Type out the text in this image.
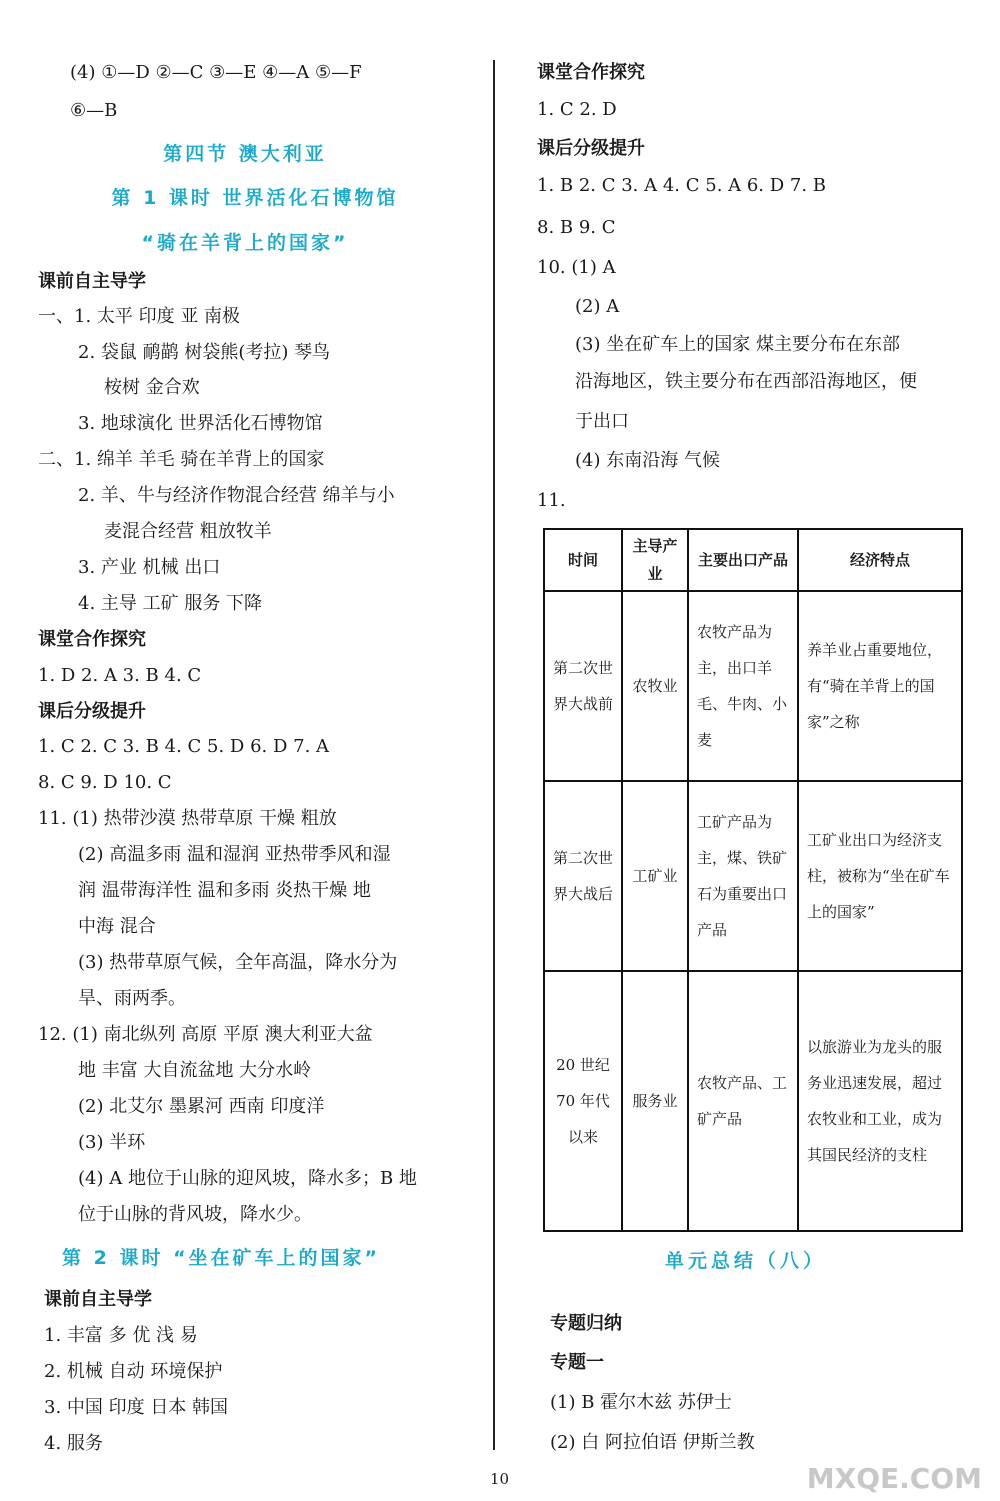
(4) ①—D ②—C ③—E ④—A ⑤—F
⑥—B
第四节 澳大利亚
第 1 课时 世界活化石博物馆
“骑在羊背上的国家”
课前自主导学
一、1. 太平 印度 亚 南极
2. 袋鼠 鸸鹋 树袋熊(考拉) 琴鸟
桉树 金合欢
3. 地球演化 世界活化石博物馆
二、1. 绵羊 羊毛 骑在羊背上的国家
2. 羊、牛与经济作物混合经营 绵羊与小
麦混合经营 粗放牧羊
3. 产业 机械 出口
4. 主导 工矿 服务 下降
课堂合作探究
1. D 2. A 3. B 4. C
课后分级提升
1. C 2. C 3. B 4. C 5. D 6. D 7. A
8. C 9. D 10. C
11. (1) 热带沙漠 热带草原 干燥 粗放
(2) 高温多雨 温和湿润 亚热带季风和湿
润 温带海洋性 温和多雨 炎热干燥 地
中海 混合
(3) 热带草原气候，全年高温，降水分为
旱、雨两季。
12. (1) 南北纵列 高原 平原 澳大利亚大盆
地 丰富 大自流盆地 大分水岭
(2) 北艾尔 墨累河 西南 印度洋
(3) 半环
(4) A 地位于山脉的迎风坡，降水多；B 地
位于山脉的背风坡，降水少。
第 2 课时 “坐在矿车上的国家”
课前自主导学
1. 丰富 多 优 浅 易
2. 机械 自动 环境保护
3. 中国 印度 日本 韩国
4. 服务
课堂合作探究
1. C 2. D
课后分级提升
1. B 2. C 3. A 4. C 5. A 6. D 7. B
8. B 9. C
10. (1) A
(2) A
(3) 坐在矿车上的国家 煤主要分布在东部
沿海地区，铁主要分布在西部沿海地区，便
于出口
(4) 东南沿海 气候
11.
单元总结（八）
专题归纳
专题一
(1) B 霍尔木兹 苏伊士
(2) 白 阿拉伯语 伊斯兰教
时间	主导产业	主要出口产品	经济特点
第二次世界大战前	农牧业	农牧产品为主，出口羊毛、牛肉、小麦	养羊业占重要地位，有“骑在羊背上的国家”之称
第二次世界大战后	工矿业	工矿产品为主，煤、铁矿石为重要出口产品	工矿业出口为经济支柱，被称为“坐在矿车上的国家”
20 世纪 70 年代以来	服务业	农牧产品、工矿产品	以旅游业为龙头的服务业迅速发展，超过农牧业和工业，成为其国民经济的支柱
10	MXQE.COM
